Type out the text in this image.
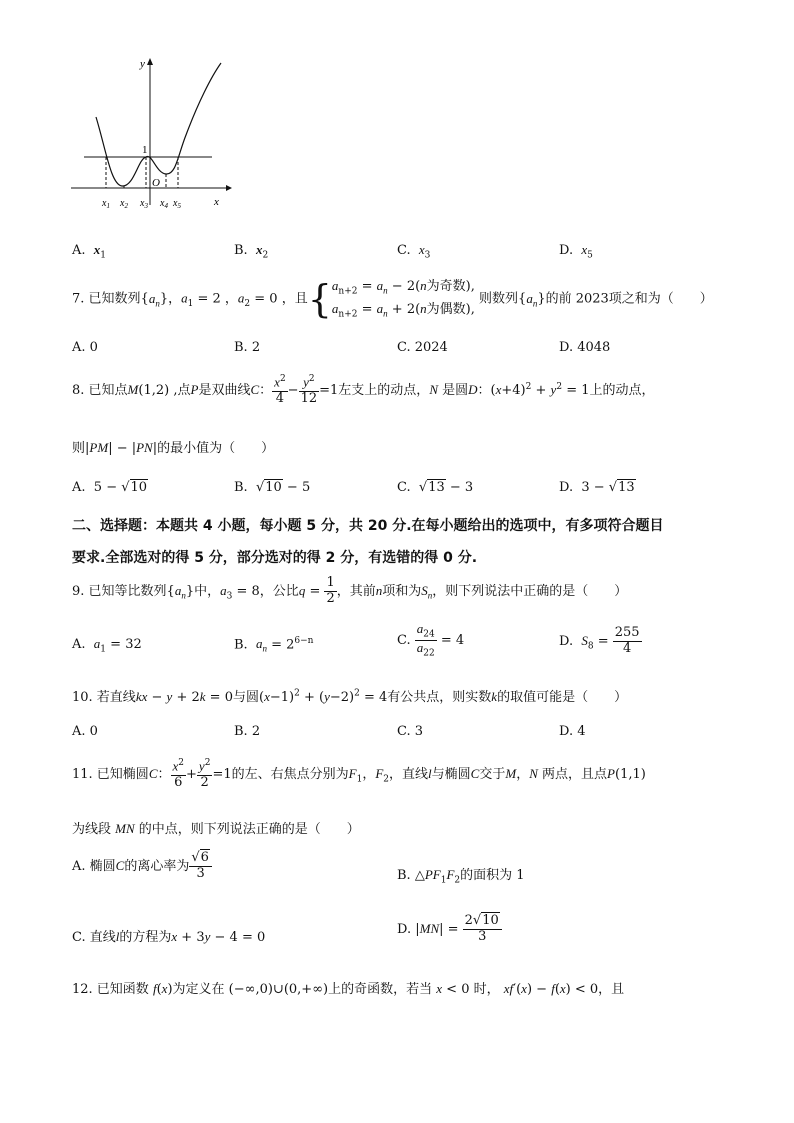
y
x
O
1
$x_1$ $x_2$ $x_3$ $x_4$ $x_5$
A. $x_1$	B. $x_2$	C. $x_3$	D. $x_5$
7. 已知数列$\{a_n\}$，$a_1 = 2$ ，$a_2 = 0$ ，且{$a_{n+2} = a_n - 2(n$为奇数),
$a_{n+2} = a_n + 2(n$为偶数), 则数列$\{a_n\}$的前 2023项之和为（　　）
A. 0	B. 2	C. 2024	D. 4048
8. 已知点M(1,2) ,点P是双曲线C： $\frac{x^2}{4} - \frac{y^2}{12} =1$左支上的动点，N 是圆D：$(x+4)^2 + y^2 = 1$上的动点，
则|PM| − |PN|的最小值为（　　）
A.  5 − √10	B.  √10 − 5	C.  √13 − 3	D.  3 − √13
二、选择题：本题共 4 小题，每小题 5 分，共 20 分.在每小题给出的选项中，有多项符合题目
要求.全部选对的得 5 分，部分选对的得 2 分，有选错的得 0 分.
9. 已知等比数列$\{a_n\}$中，$a_3 = 8$，公比$q = \frac{1}{2}$ ，其前n项和为$S_n$，则下列说法中正确的是（　　）
A. $a_1 = 32$	B. $a_n = 2^{6-n}$	C. $\frac{a_{24}}{a_{22}} = 4$	D. $S_8 = \frac{255}{4}$
10. 若直线kx − y + 2k = 0与圆$(x-1)^2 + (y-2)^2 = 4$有公共点，则实数k的取值可能是（　　）
A. 0	B. 2	C. 3	D. 4
11. 已知椭圆C： $\frac{x^2}{6} + \frac{y^2}{2} =1$的左、右焦点分别为$F_1$，$F_2$，直线l与椭圆C交于M，N 两点，且点P(1,1)
为线段 MN 的中点，则下列说法正确的是（　　）
A. 椭圆C的离心率为 $\frac{√6}{3}$	B. $\triangle PF_1F_2$的面积为 1
C. 直线l的方程为x + 3y − 4 = 0
D. $|MN| = \frac{2√10}{3}$
12. 已知函数 f(x)为定义在 (−∞,0)∪(0,+∞)上的奇函数，若当 x < 0 时， xf′(x) − f(x) < 0，且
